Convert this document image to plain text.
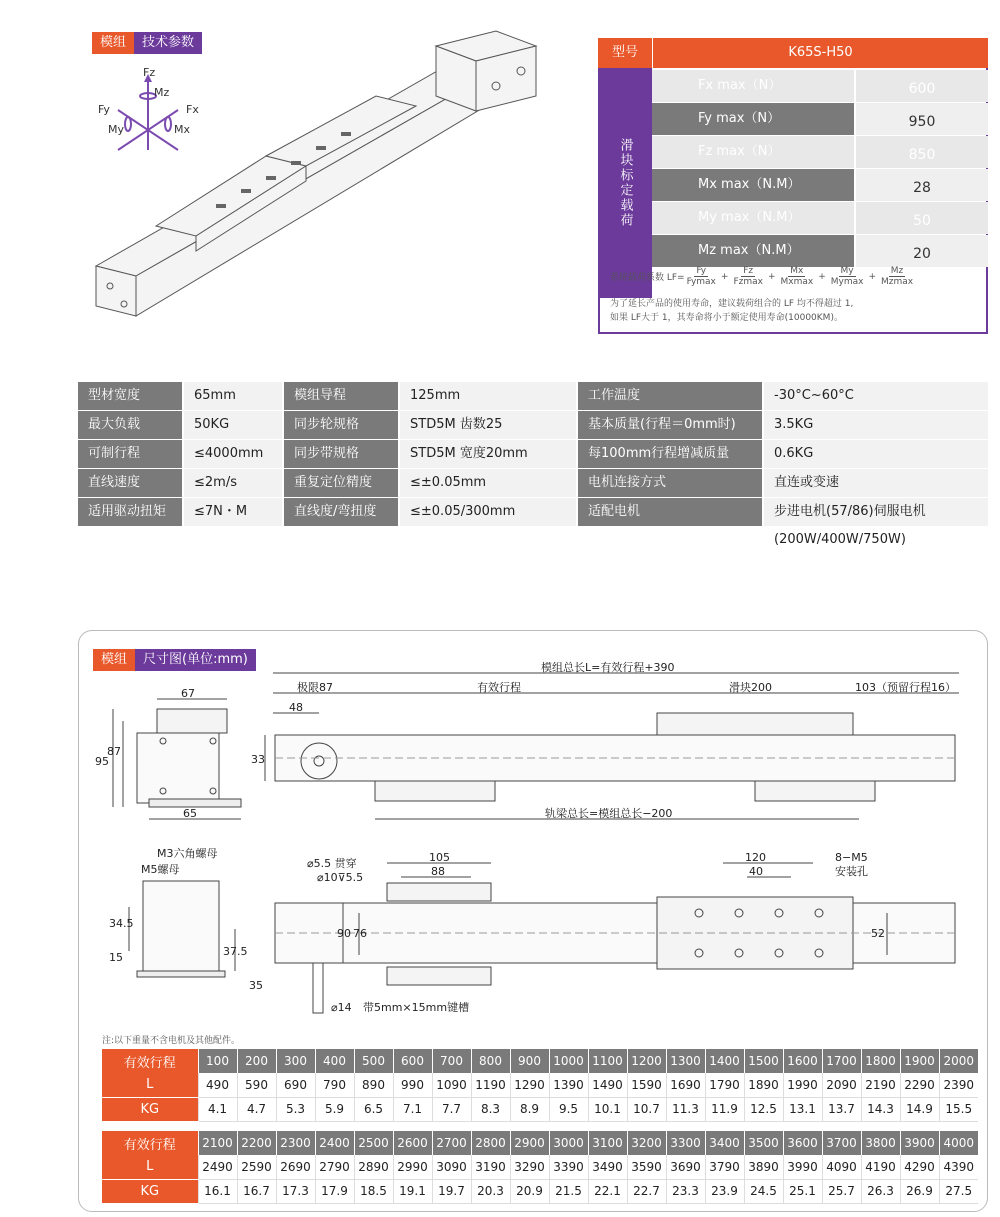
模组	技术参数
Fz
Mz
Fy	Fx
My	Mx
型号	K65S-H50
滑块标定载荷
Fx max（N）	600
Fy max（N）	950
Fz max（N）	850
Mx max（N.M）	28
My max（N.M）	50
Mz max（N.M）	20
系统载荷系数 $LF= \frac{Fy}{Fymax} + \frac{Fz}{Fzmax} + \frac{Mx}{Mxmax} + \frac{My}{Mymax} + \frac{Mz}{Mzmax}$
为了延长产品的使用寿命，建议载荷组合的 LF 均不得超过 1,
如果 LF大于 1，其寿命将小于额定使用寿命(10000KM)。
型材宽度	65mm	模组导程	125mm	工作温度	-30°C~60°C
最大负载	50KG	同步轮规格	STD5M 齿数25	基本质量(行程＝0mm时)	3.5KG
可制行程	≤4000mm	同步带规格	STD5M 宽度20mm	每100mm行程增减质量	0.6KG
直线速度	≤2m/s	重复定位精度	≤±0.05mm	电机连接方式	直连或变速
适用驱动扭矩	≤7N・M	直线度/弯扭度	≤±0.05/300mm	适配电机	步进电机(57/86)伺服电机(200W/400W/750W)
模组	尺寸图(单位:mm)
模组总长L=有效行程+390
极限87	有效行程	滑块200	103（预留行程16）
48
33
轨梁总长=模组总长−200
67
87
95
65
M3六角螺母
M5螺母
34.5
15	37.5
⌀5.5 贯穿
⌀10⊽5.5
105
88
90 76
35
⌀14 带5mm×15mm键槽
120
40
8−M5
安装孔
52
注:以下重量不含电机及其他配件。
有效行程	100	200	300	400	500	600	700	800	900	1000	1100	1200	1300	1400	1500	1600	1700	1800	1900	2000
L	490	590	690	790	890	990	1090	1190	1290	1390	1490	1590	1690	1790	1890	1990	2090	2190	2290	2390
KG	4.1	4.7	5.3	5.9	6.5	7.1	7.7	8.3	8.9	9.5	10.1	10.7	11.3	11.9	12.5	13.1	13.7	14.3	14.9	15.5
有效行程	2100	2200	2300	2400	2500	2600	2700	2800	2900	3000	3100	3200	3300	3400	3500	3600	3700	3800	3900	4000
L	2490	2590	2690	2790	2890	2990	3090	3190	3290	3390	3490	3590	3690	3790	3890	3990	4090	4190	4290	4390
KG	16.1	16.7	17.3	17.9	18.5	19.1	19.7	20.3	20.9	21.5	22.1	22.7	23.3	23.9	24.5	25.1	25.7	26.3	26.9	27.5
